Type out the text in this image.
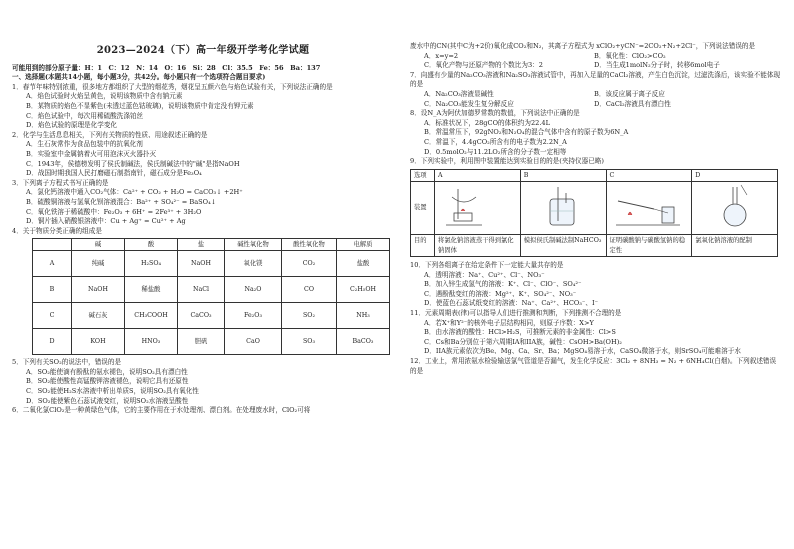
2023—2024（下）高一年级开学考化学试题

可能用到的部分原子量：H：1　C：12　N：14　O：16　Si：28　Cl：35.5　Fe：56　Ba：137

一、选择题(本题共14小题，每小题3分，共42分。每小题只有一个选项符合题目要求)

1．春节年味特别浓重，很多地方都组织了大型的烟花秀，烟花呈五颜六色与焰色试验有关，下列说法正确的是

A．焰色试验时火焰呈黄色，说明该物质中含有钠元素

B．某物质的焰色不显紫色(未透过蓝色钴玻璃)，说明该物质中肯定没有钾元素

C．焰色试验中，每次用稀硫酸洗涤铂丝

D．焰色试验的原理是化学变化

2．化学与生活息息相关，下列有关物质的性质、用途叙述正确的是

A．生石灰常作为食品包装中的抗氧化剂

B．实验室中金属钠着火可用泡沫灭火器扑灭

C．1943年，侯德榜发明了侯氏制碱法，侯氏制碱法中的"碱"是指NaOH

D．战国时期我国人民打磨磁石制指南针，磁石成分是Fe₃O₄

3．下列离子方程式书写正确的是

A．氯化钙溶液中通入CO₂气体：Ca²⁺ + CO₂ + H₂O = CaCO₃↓ +2H⁺

B．硫酸铜溶液与氢氧化钡溶液混合：Ba²⁺ + SO₄²⁻ = BaSO₄↓

C．氧化铁溶于稀硫酸中：Fe₂O₃ + 6H⁺ = 2Fe³⁺ + 3H₂O

D．铜片插入硝酸银溶液中：Cu + Ag⁺ = Cu²⁺ + Ag

4．关于物质分类正确的组成是

	碱	酸	盐	碱性氧化物	酸性氧化物	电解质
A	纯碱	H₂SO₄	NaOH	氧化镁	CO₂	盐酸
B	NaOH	稀盐酸	NaCl	Na₂O	CO	C₂H₅OH
C	碱石灰	CH₃COOH	CaCO₃	Fe₂O₃	SO₂	NH₃
D	KOH	HNO₃	胆矾	CaO	SO₃	BaCO₃

5．下列有关SO₂的说法中，错误的是

A．SO₂能使滴有酚酞的氨水褪色，说明SO₂具有漂白性

B．SO₂能使酸性高锰酸钾溶液褪色，说明它具有还原性

C．SO₂能使H₂S水溶液中析出单质S，说明SO₂具有氧化性

D．SO₂能使紫色石蕊试液变红，说明SO₂水溶液呈酸性

6．二氧化氯ClO₂是一种黄绿色气体，它的主要作用在于水处理剂、漂白剂。在处理废水时，ClO₂可将

废水中的CN(其中C为+2价)氧化成CO₂和N₂，其离子方程式为 xClO₂+yCN⁻=2CO₂+N₂+2Cl⁻，下列说法错误的是

A．x=y=2	B．氧化性：ClO₂>CO₂
C．氧化产物与还原产物的个数比为3：2	D．当生成1molN₂分子时，转移6mol电子

7．向盛有少量的Na₂CO₃溶液和Na₂SO₃溶液试管中，再加入足量的CaCl₂溶液，产生白色沉淀，过滤洗涤后，该实验不能体现的是

A．Na₂CO₃溶液显碱性	B．该反应属于离子反应
C．Na₂CO₃能发生复分解反应	D．CaCl₂溶液具有漂白性

8．设N_A为阿伏加德罗常数的数值，下列说法中正确的是

A．标准状况下，28gCO的体积约为22.4L

B．常温常压下，92gNO₂和N₂O₄的混合气体中含有的原子数为6N_A

C．常温下，4.4gCO₂所含有的电子数为2.2N_A

D．0.5molO₂与11.2LO₂所含的分子数一定相等

9．下列实验中，利用图中装置能达到实验目的的是(夹持仪器已略)

选项	A	B	C	D
装置				
目的	将氯化钠溶液蒸干得到氯化钠固体	模拟侯氏制碱法制NaHCO₃	证明碳酸钠与碳酸氢钠的稳定性	氯氧化钠溶液的配制

10．下列各组离子在给定条件下一定能大量共存的是

A．透明溶液：Na⁺、Cu²⁺、Cl⁻、NO₃⁻

B．加入锌生成氢气的溶液：K⁺、Cl⁻、ClO⁻、SO₄²⁻

C．遇酚酞变红的溶液：Mg²⁺、K⁺、SO₄²⁻、NO₃⁻

D．使蓝色石蕊试纸变红的溶液：Na⁺、Ca²⁺、HCO₃⁻、I⁻

11．元素周期表(律)可以指导人们进行推测和判断，下列推测不合理的是

A．若X⁺和Y²⁻的核外电子层结构相同，则原子序数：X>Y

B．由水溶液的酸性：HCl>H₂S，可推断元素的非金属性：Cl>S

C．Cs和Ba分别位于第六周期IA和IIA族，碱性：CsOH>Ba(OH)₂

D．IIA族元素依次为Be、Mg、Ca、Sr、Ba；MgSO₄易溶于水，CaSO₄微溶于水，则SrSO₄可能难溶于水

12．工业上，常用浓氨水检验输送氯气管道是否漏气，发生化学反应：3Cl₂ + 8NH₃ = N₂ + 6NH₄Cl(白烟)。下列叙述错误的是
